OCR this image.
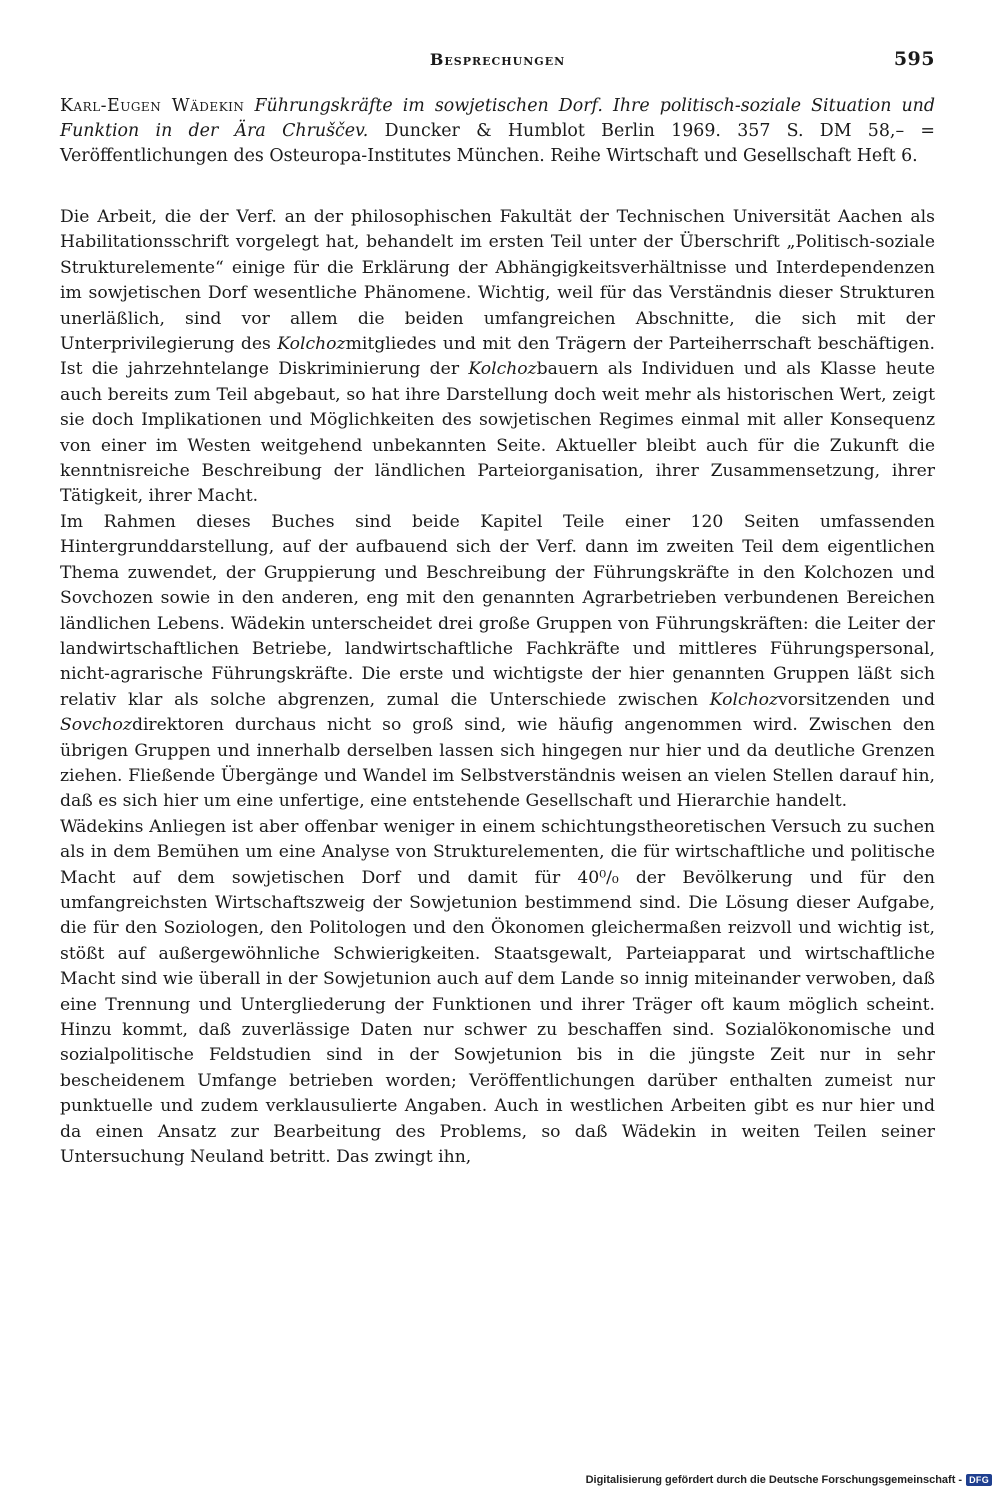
Besprechungen	595
Karl-Eugen Wädekin Führungskräfte im sowjetischen Dorf. Ihre politisch-soziale Situation und Funktion in der Ära Chruščev. Duncker & Humblot Berlin 1969. 357 S. DM 58,– = Veröffentlichungen des Osteuropa-Institutes München. Reihe Wirtschaft und Gesellschaft Heft 6.

Die Arbeit, die der Verf. an der philosophischen Fakultät der Technischen Universität Aachen als Habilitationsschrift vorgelegt hat, behandelt im ersten Teil unter der Überschrift „Politisch-soziale Strukturelemente“ einige für die Erklärung der Abhängigkeitsverhältnisse und Interdependenzen im sowjetischen Dorf wesentliche Phänomene. Wichtig, weil für das Verständnis dieser Strukturen unerläßlich, sind vor allem die beiden umfangreichen Abschnitte, die sich mit der Unterprivilegierung des Kolchozmitgliedes und mit den Trägern der Parteiherrschaft beschäftigen. Ist die jahrzehntelange Diskriminierung der Kolchozbauern als Individuen und als Klasse heute auch bereits zum Teil abgebaut, so hat ihre Darstellung doch weit mehr als historischen Wert, zeigt sie doch Implikationen und Möglichkeiten des sowjetischen Regimes einmal mit aller Konsequenz von einer im Westen weitgehend unbekannten Seite. Aktueller bleibt auch für die Zukunft die kenntnisreiche Beschreibung der ländlichen Parteiorganisation, ihrer Zusammensetzung, ihrer Tätigkeit, ihrer Macht.

Im Rahmen dieses Buches sind beide Kapitel Teile einer 120 Seiten umfassenden Hintergrunddarstellung, auf der aufbauend sich der Verf. dann im zweiten Teil dem eigentlichen Thema zuwendet, der Gruppierung und Beschreibung der Führungskräfte in den Kolchozen und Sovchozen sowie in den anderen, eng mit den genannten Agrarbetrieben verbundenen Bereichen ländlichen Lebens. Wädekin unterscheidet drei große Gruppen von Führungskräften: die Leiter der landwirtschaftlichen Betriebe, landwirtschaftliche Fachkräfte und mittleres Führungspersonal, nicht-agrarische Führungskräfte. Die erste und wichtigste der hier genannten Gruppen läßt sich relativ klar als solche abgrenzen, zumal die Unterschiede zwischen Kolchozvorsitzenden und Sovchozdirektoren durchaus nicht so groß sind, wie häufig angenommen wird. Zwischen den übrigen Gruppen und innerhalb derselben lassen sich hingegen nur hier und da deutliche Grenzen ziehen. Fließende Übergänge und Wandel im Selbstverständnis weisen an vielen Stellen darauf hin, daß es sich hier um eine unfertige, eine entstehende Gesellschaft und Hierarchie handelt.

Wädekins Anliegen ist aber offenbar weniger in einem schichtungstheoretischen Versuch zu suchen als in dem Bemühen um eine Analyse von Strukturelementen, die für wirtschaftliche und politische Macht auf dem sowjetischen Dorf und damit für 40⁰/₀ der Bevölkerung und für den umfangreichsten Wirtschaftszweig der Sowjetunion bestimmend sind. Die Lösung dieser Aufgabe, die für den Soziologen, den Politologen und den Ökonomen gleichermaßen reizvoll und wichtig ist, stößt auf außergewöhnliche Schwierigkeiten. Staatsgewalt, Parteiapparat und wirtschaftliche Macht sind wie überall in der Sowjetunion auch auf dem Lande so innig miteinander verwoben, daß eine Trennung und Untergliederung der Funktionen und ihrer Träger oft kaum möglich scheint. Hinzu kommt, daß zuverlässige Daten nur schwer zu beschaffen sind. Sozialökonomische und sozialpolitische Feldstudien sind in der Sowjetunion bis in die jüngste Zeit nur in sehr bescheidenem Umfange betrieben worden; Veröffentlichungen darüber enthalten zumeist nur punktuelle und zudem verklausulierte Angaben. Auch in westlichen Arbeiten gibt es nur hier und da einen Ansatz zur Bearbeitung des Problems, so daß Wädekin in weiten Teilen seiner Untersuchung Neuland betritt. Das zwingt ihn,

Digitalisierung gefördert durch die Deutsche Forschungsgemeinschaft - DFG
